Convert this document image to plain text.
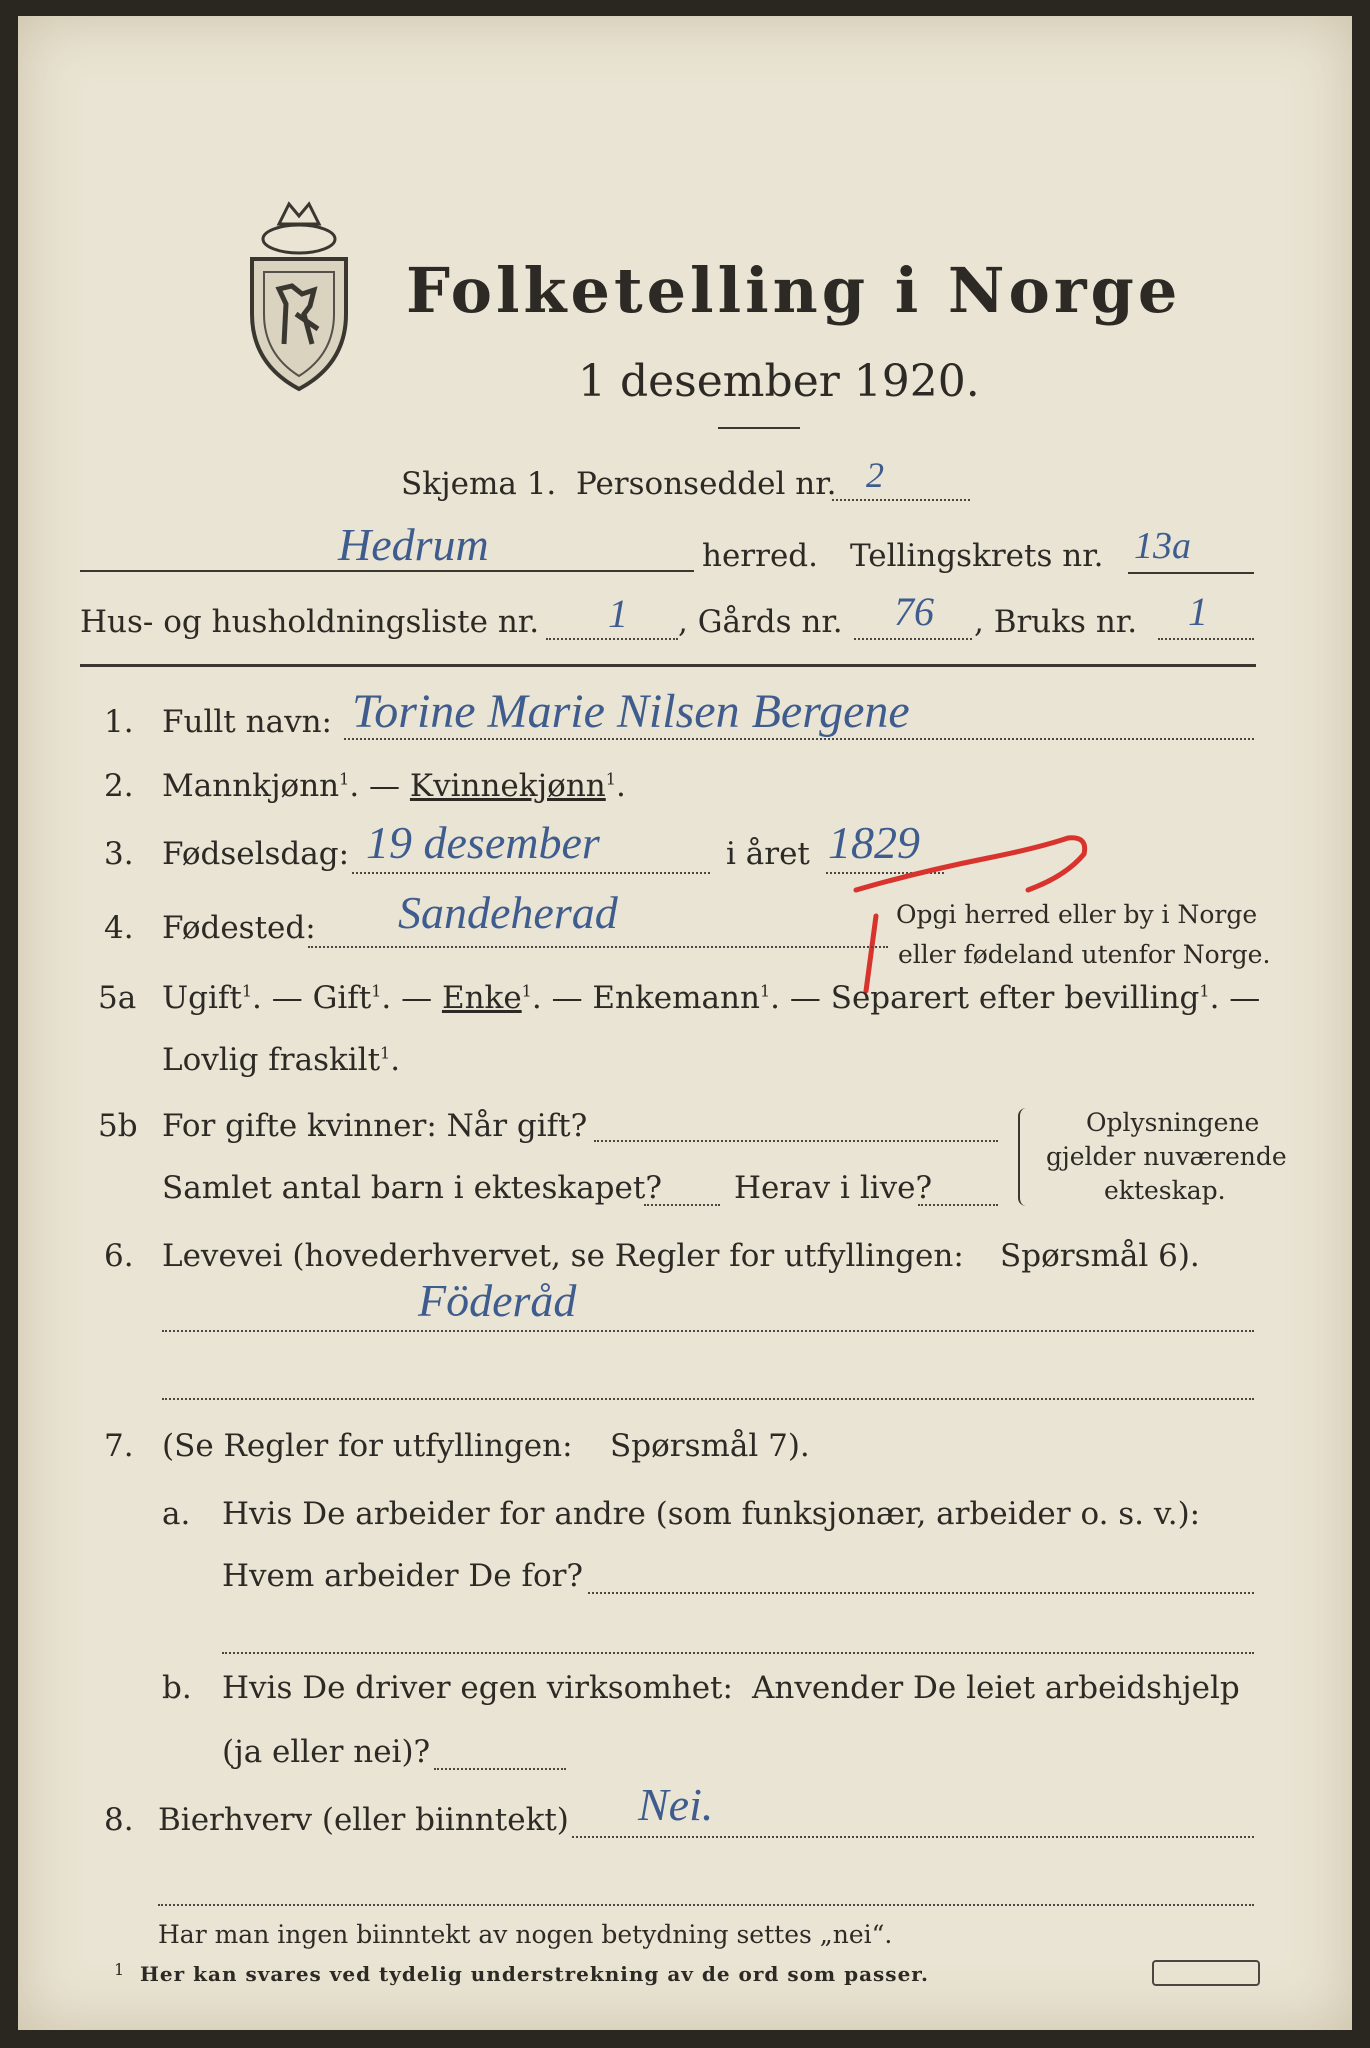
Folketelling i Norge
1 desember 1920.
Skjema 1. Personseddel nr. 2
Hedrum	herred. Tellingskrets nr. 13a
Hus- og husholdningsliste nr. 1 , Gårds nr. 76 , Bruks nr. 1
1. Fullt navn: Torine Marie Nilsen Bergene
2. Mannkjønn$^1$. — Kvinnekjønn$^1$.
3. Fødselsdag: 19 desember	i året 1829
4. Fødested: Sandeherad	Opgi herred eller by i Norge
eller fødeland utenfor Norge.
5a Ugift$^1$. — Gift$^1$. — Enke$^1$. — Enkemann$^1$. — Separert efter bevilling$^1$. —
Lovlig fraskilt$^1$.
5b For gifte kvinner: Når gift?
Samlet antal barn i ekteskapet? Herav i live?
Oplysningene
gjelder nuværende
ekteskap.
6. Levevei (hovederhvervet, se Regler for utfyllingen: Spørsmål 6).
Föderåd
7. (Se Regler for utfyllingen: Spørsmål 7).
a. Hvis De arbeider for andre (som funksjonær, arbeider o. s. v.):
Hvem arbeider De for?
b. Hvis De driver egen virksomhet: Anvender De leiet arbeidshjelp
(ja eller nei)?
8. Bierhverv (eller biinntekt) Nei.
Har man ingen biinntekt av nogen betydning settes „nei“.
1 Her kan svares ved tydelig understrekning av de ord som passer.
